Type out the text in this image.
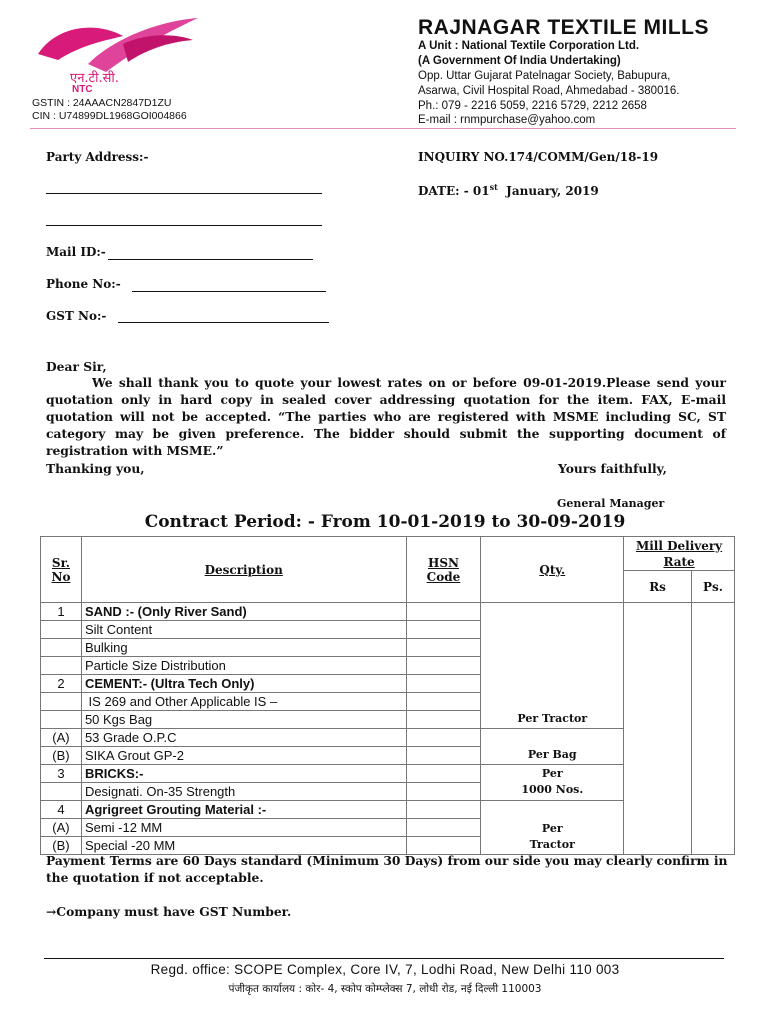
एन.टी.सी.
NTC
GSTIN : 24AAACN2847D1ZU
CIN : U74899DL1968GOI004866
RAJNAGAR TEXTILE MILLS
A Unit : National Textile Corporation Ltd.
(A Government Of India Undertaking)
Opp. Uttar Gujarat Patelnagar Society, Babupura,
Asarwa, Civil Hospital Road, Ahmedabad - 380016.
Ph.: 079 - 2216 5059, 2216 5729, 2212 2658
E-mail : rnmpurchase@yahoo.com
Party Address:-	INQUIRY NO.174/COMM/Gen/18-19
DATE: - 01st January, 2019
Mail ID:-
Phone No:-
GST No:-
Dear Sir,
We shall thank you to quote your lowest rates on or before 09-01-2019.Please send your quotation only in hard copy in sealed cover addressing quotation for the item. FAX, E-mail quotation will not be accepted. “The parties who are registered with MSME including SC, ST category may be given preference. The bidder should submit the supporting document of registration with MSME.”
Thanking you,	Yours faithfully,
General Manager
Contract Period: - From 10-01-2019 to 30-09-2019
Sr. No	Description	HSN Code	Qty.	Mill Delivery Rate	
				Rs	Ps.
1	SAND :- (Only River Sand)		Per Tractor		

	Silt Content				
	Bulking				
	Particle Size Distribution				
2	CEMENT:- (Ultra Tech Only)				
	IS 269 and Other Applicable IS –				
	50 Kgs Bag				
(A)	53 Grade O.P.C		Per Bag		

(B)	SIKA Grout GP-2				
3	BRICKS:-		Per
1000 Nos.		

	Designati. On-35 Strength				
4	Agrigreet Grouting Material :-		Per
Tractor		

(A)	Semi -12 MM				
(B)	Special -20 MM				
Payment Terms are 60 Days standard (Minimum 30 Days) from our side you may clearly confirm in the quotation if not acceptable.
→Company must have GST Number.
Regd. office: SCOPE Complex, Core IV, 7, Lodhi Road, New Delhi 110 003
पंजीकृत कार्यालय : कोर- 4, स्कोप कोम्प्लेक्स 7, लोधी रोड, नई दिल्ली 110003
